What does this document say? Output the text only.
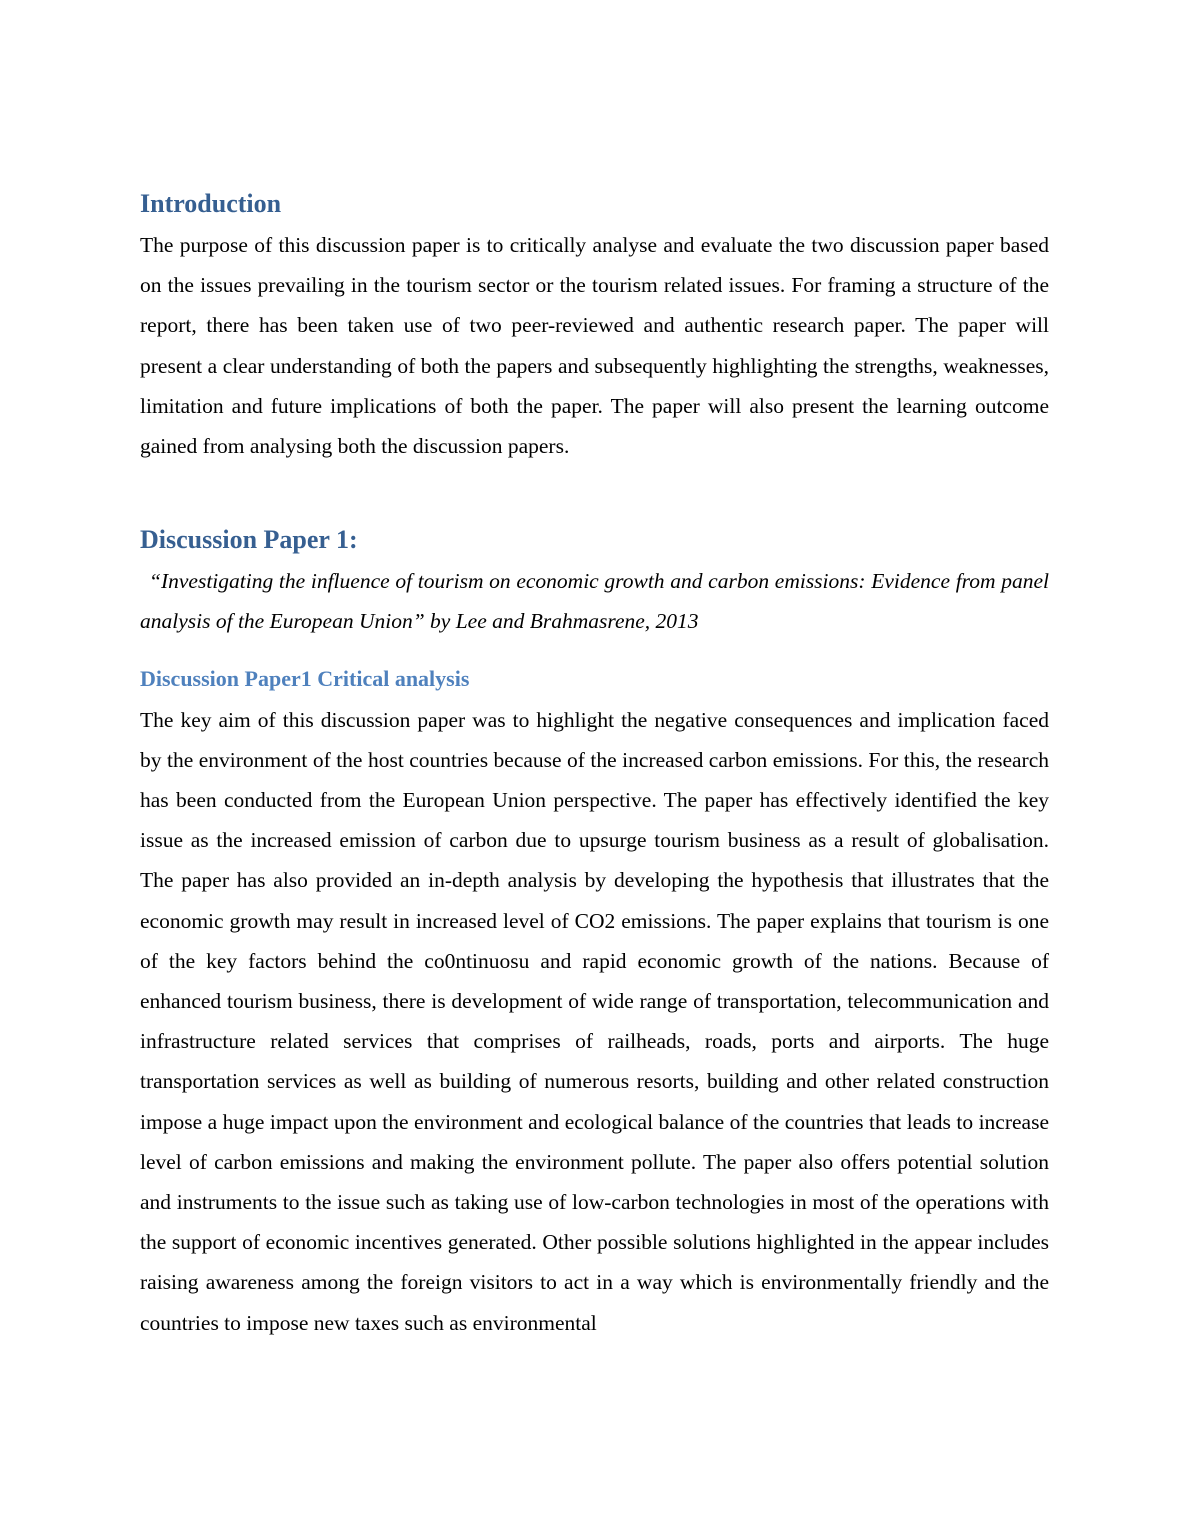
Introduction

The purpose of this discussion paper is to critically analyse and evaluate the two discussion paper based on the issues prevailing in the tourism sector or the tourism related issues. For framing a structure of the report, there has been taken use of two peer-reviewed and authentic research paper. The paper will present a clear understanding of both the papers and subsequently highlighting the strengths, weaknesses, limitation and future implications of both the paper. The paper will also present the learning outcome gained from analysing both the discussion papers.

Discussion Paper 1:

“Investigating the influence of tourism on economic growth and carbon emissions: Evidence from panel analysis of the European Union” by Lee and Brahmasrene, 2013

Discussion Paper1 Critical analysis

The key aim of this discussion paper was to highlight the negative consequences and implication faced by the environment of the host countries because of the increased carbon emissions. For this, the research has been conducted from the European Union perspective. The paper has effectively identified the key issue as the increased emission of carbon due to upsurge tourism business as a result of globalisation. The paper has also provided an in-depth analysis by developing the hypothesis that illustrates that the economic growth may result in increased level of CO2 emissions. The paper explains that tourism is one of the key factors behind the co0ntinuosu and rapid economic growth of the nations. Because of enhanced tourism business, there is development of wide range of transportation, telecommunication and infrastructure related services that comprises of railheads, roads, ports and airports. The huge transportation services as well as building of numerous resorts, building and other related construction impose a huge impact upon the environment and ecological balance of the countries that leads to increase level of carbon emissions and making the environment pollute. The paper also offers potential solution and instruments to the issue such as taking use of low-carbon technologies in most of the operations with the support of economic incentives generated. Other possible solutions highlighted in the appear includes raising awareness among the foreign visitors to act in a way which is environmentally friendly and the countries to impose new taxes such as environmental
